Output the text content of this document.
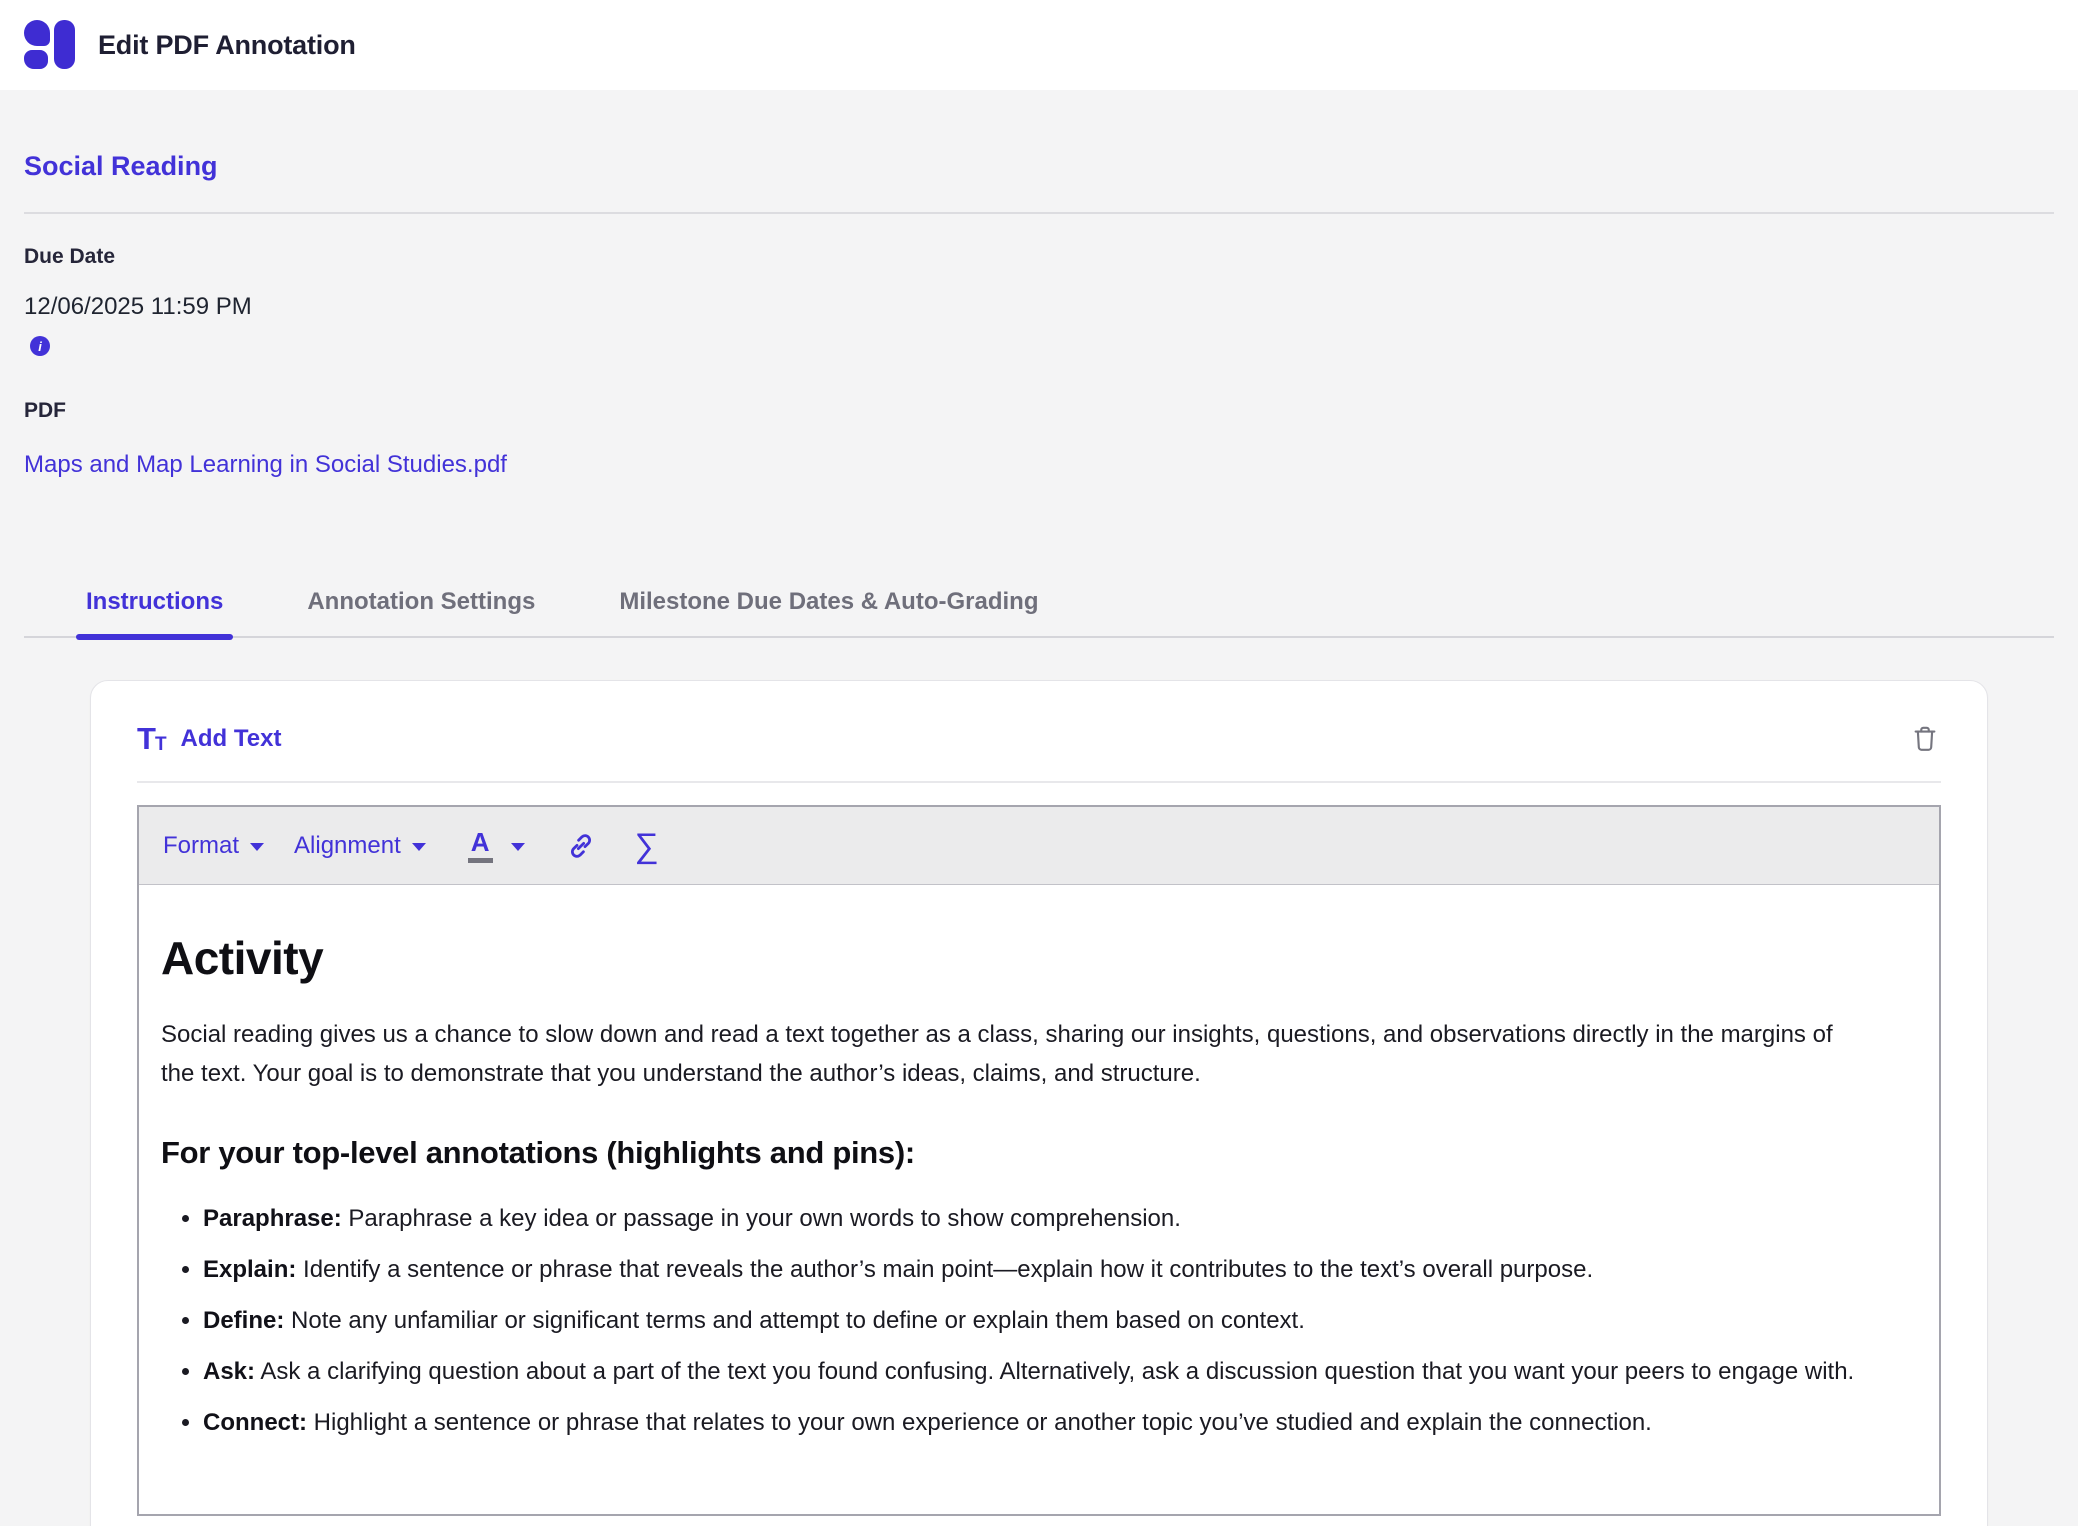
Edit PDF Annotation
Social Reading
Due Date
12/06/2025 11:59 PM
i
PDF
Maps and Map Learning in Social Studies.pdf
Instructions	Annotation Settings	Milestone Due Dates & Auto-Grading
T T Add Text
Format Alignment	A	∑
Activity

Social reading gives us a chance to slow down and read a text together as a class, sharing our insights, questions, and observations directly in the margins of the text. Your goal is to demonstrate that you understand the author’s ideas, claims, and structure.

For your top-level annotations (highlights and pins):
• Paraphrase: Paraphrase a key idea or passage in your own words to show comprehension.
• Explain: Identify a sentence or phrase that reveals the author’s main point—explain how it contributes to the text’s overall purpose.
• Define: Note any unfamiliar or significant terms and attempt to define or explain them based on context.
• Ask: Ask a clarifying question about a part of the text you found confusing. Alternatively, ask a discussion question that you want your peers to engage with.
• Connect: Highlight a sentence or phrase that relates to your own experience or another topic you’ve studied and explain the connection.
